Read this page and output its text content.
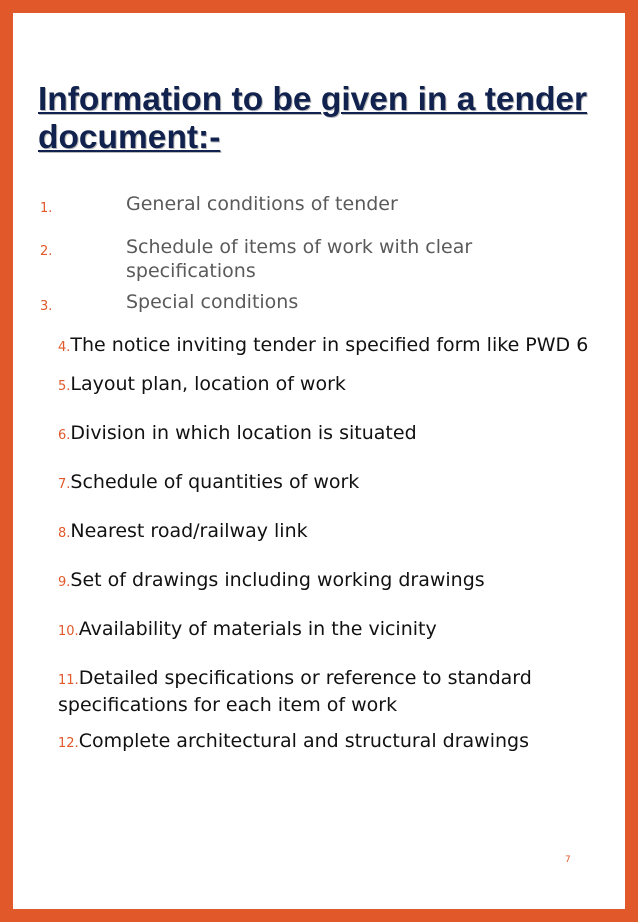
Information to be given in a tender document:-
1.	General conditions of tender
2.	Schedule of items of work with clear specifications
3.	Special conditions
4.The notice inviting tender in specified form like PWD 6
5.Layout plan, location of work
6.Division in which location is situated
7.Schedule of quantities of work
8.Nearest road/railway link
9.Set of drawings including working drawings
10.Availability of materials in the vicinity
11.Detailed specifications or reference to standard specifications for each item of work
12.Complete architectural and structural drawings
7
